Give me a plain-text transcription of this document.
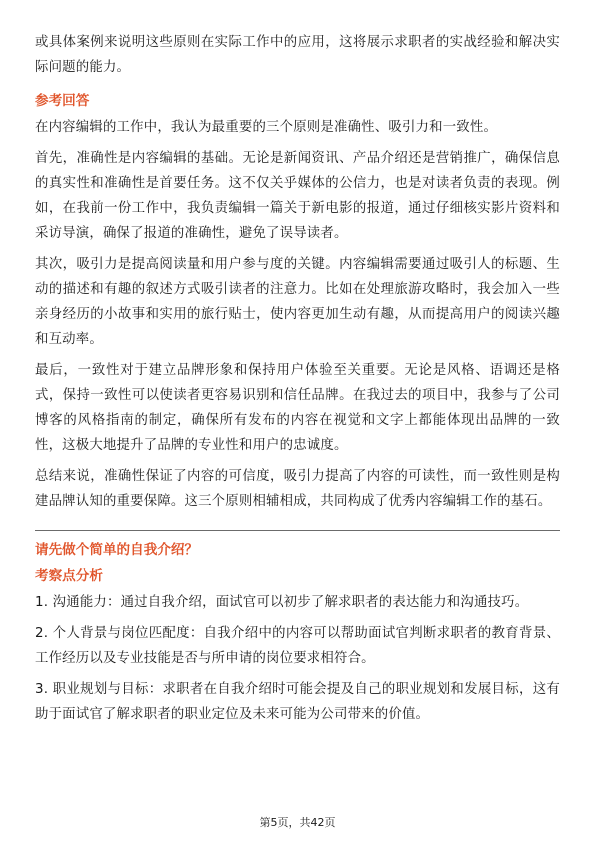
或具体案例来说明这些原则在实际工作中的应用，这将展示求职者的实战经验和解决实际问题的能力。

参考回答

在内容编辑的工作中，我认为最重要的三个原则是准确性、吸引力和一致性。

首先，准确性是内容编辑的基础。无论是新闻资讯、产品介绍还是营销推广，确保信息的真实性和准确性是首要任务。这不仅关乎媒体的公信力，也是对读者负责的表现。例如，在我前一份工作中，我负责编辑一篇关于新电影的报道，通过仔细核实影片资料和采访导演，确保了报道的准确性，避免了误导读者。

其次，吸引力是提高阅读量和用户参与度的关键。内容编辑需要通过吸引人的标题、生动的描述和有趣的叙述方式吸引读者的注意力。比如在处理旅游攻略时，我会加入一些亲身经历的小故事和实用的旅行贴士，使内容更加生动有趣，从而提高用户的阅读兴趣和互动率。

最后，一致性对于建立品牌形象和保持用户体验至关重要。无论是风格、语调还是格式，保持一致性可以使读者更容易识别和信任品牌。在我过去的项目中，我参与了公司博客的风格指南的制定，确保所有发布的内容在视觉和文字上都能体现出品牌的一致性，这极大地提升了品牌的专业性和用户的忠诚度。

总结来说，准确性保证了内容的可信度，吸引力提高了内容的可读性，而一致性则是构建品牌认知的重要保障。这三个原则相辅相成，共同构成了优秀内容编辑工作的基石。

请先做个简单的自我介绍？
考察点分析

1. 沟通能力：通过自我介绍，面试官可以初步了解求职者的表达能力和沟通技巧。

2. 个人背景与岗位匹配度：自我介绍中的内容可以帮助面试官判断求职者的教育背景、工作经历以及专业技能是否与所申请的岗位要求相符合。

3. 职业规划与目标：求职者在自我介绍时可能会提及自己的职业规划和发展目标，这有助于面试官了解求职者的职业定位及未来可能为公司带来的价值。

第5页，共42页
